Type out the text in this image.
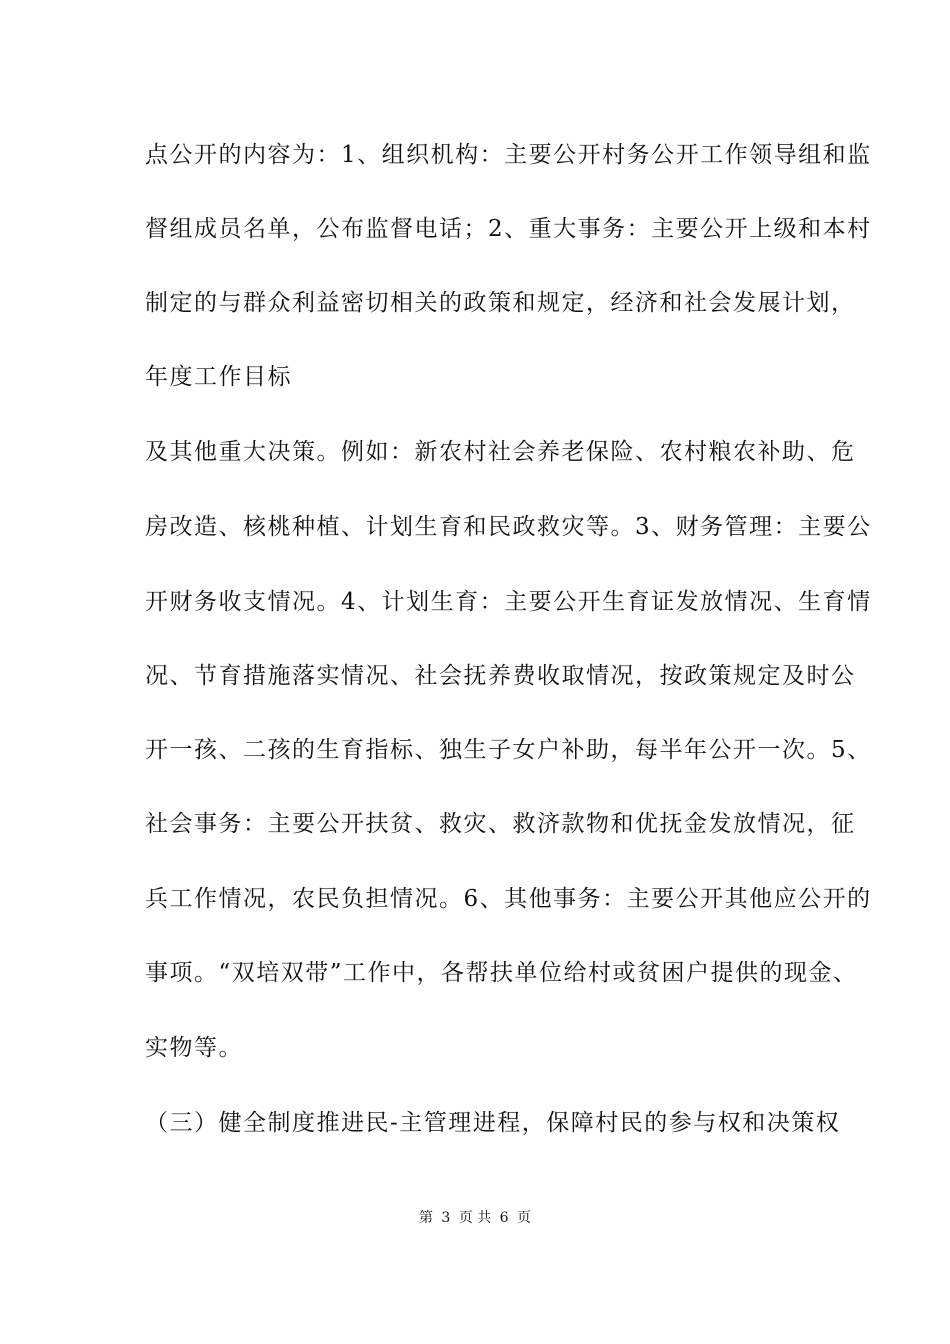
点公开的内容为：1、组织机构：主要公开村务公开工作领导组和监
督组成员名单，公布监督电话；2、重大事务：主要公开上级和本村
制定的与群众利益密切相关的政策和规定，经济和社会发展计划，
年度工作目标
及其他重大决策。例如：新农村社会养老保险、农村粮农补助、危
房改造、核桃种植、计划生育和民政救灾等。3、财务管理：主要公
开财务收支情况。4、计划生育：主要公开生育证发放情况、生育情
况、节育措施落实情况、社会抚养费收取情况，按政策规定及时公
开一孩、二孩的生育指标、独生子女户补助，每半年公开一次。5、
社会事务：主要公开扶贫、救灾、救济款物和优抚金发放情况，征
兵工作情况，农民负担情况。6、其他事务：主要公开其他应公开的
事项。“双培双带”工作中，各帮扶单位给村或贫困户提供的现金、
实物等。
（三）健全制度推进民-主管理进程，保障村民的参与权和决策权
第 3 页 共 6 页
